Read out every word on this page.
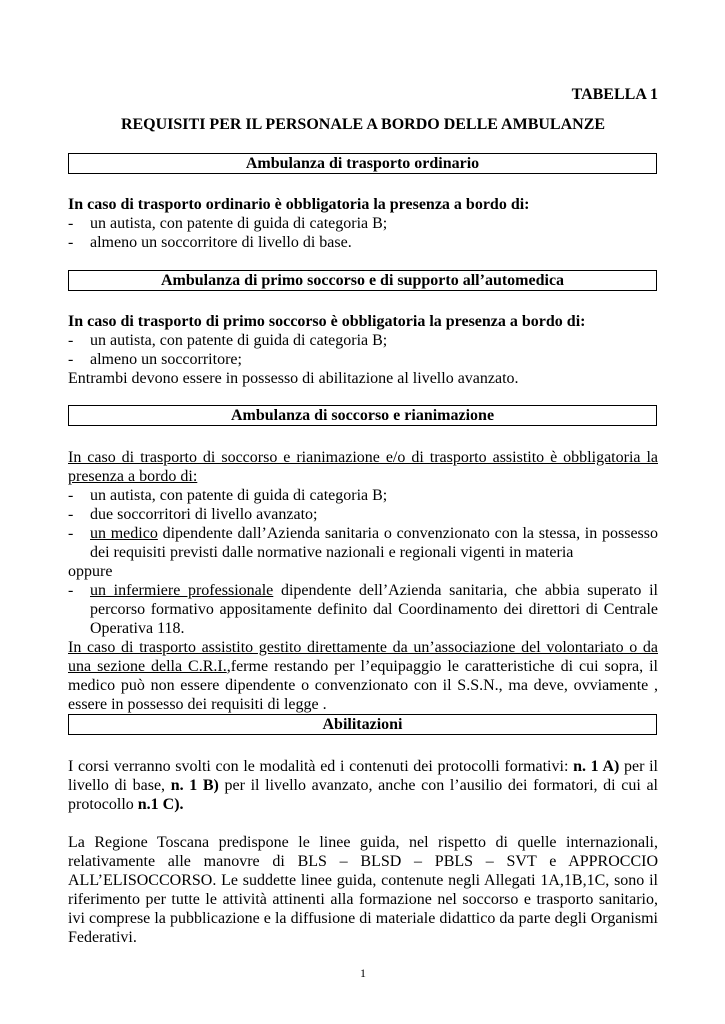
TABELLA 1
REQUISITI PER IL PERSONALE A BORDO DELLE AMBULANZE
Ambulanza di trasporto ordinario
In caso di trasporto ordinario è obbligatoria la presenza a bordo di:
- un autista, con patente di guida di categoria B;
- almeno un soccorritore di livello di base.
Ambulanza di primo soccorso e di supporto all’automedica
In caso di trasporto di primo soccorso è obbligatoria la presenza a bordo di:
- un autista, con patente di guida di categoria B;
- almeno un soccorritore;
Entrambi devono essere in possesso di abilitazione al livello avanzato.
Ambulanza di soccorso e rianimazione
In caso di trasporto di soccorso e rianimazione e/o di trasporto assistito è obbligatoria la presenza a bordo di:
- un autista, con patente di guida di categoria B;
- due soccorritori di livello avanzato;
- un medico dipendente dall’Azienda sanitaria o convenzionato con la stessa, in possesso dei requisiti previsti dalle normative nazionali e regionali vigenti in materia
oppure
- un infermiere professionale dipendente dell’Azienda sanitaria, che abbia superato il percorso formativo appositamente definito dal Coordinamento dei direttori di Centrale Operativa 118.
In caso di trasporto assistito gestito direttamente da un’associazione del volontariato o da una sezione della C.R.I.,ferme restando per l’equipaggio le caratteristiche di cui sopra, il medico può non essere dipendente o convenzionato con il S.S.N., ma deve, ovviamente , essere in possesso dei requisiti di legge .
Abilitazioni
I corsi verranno svolti con le modalità ed i contenuti dei protocolli formativi: n. 1 A) per il livello di base, n. 1 B) per il livello avanzato, anche con l’ausilio dei formatori, di cui al protocollo n.1 C).
La Regione Toscana predispone le linee guida, nel rispetto di quelle internazionali, relativamente alle manovre di BLS – BLSD – PBLS – SVT e APPROCCIO ALL’ELISOCCORSO. Le suddette linee guida, contenute negli Allegati 1A,1B,1C, sono il riferimento per tutte le attività attinenti alla formazione nel soccorso e trasporto sanitario, ivi comprese la pubblicazione e la diffusione di materiale didattico da parte degli Organismi Federativi.
1
